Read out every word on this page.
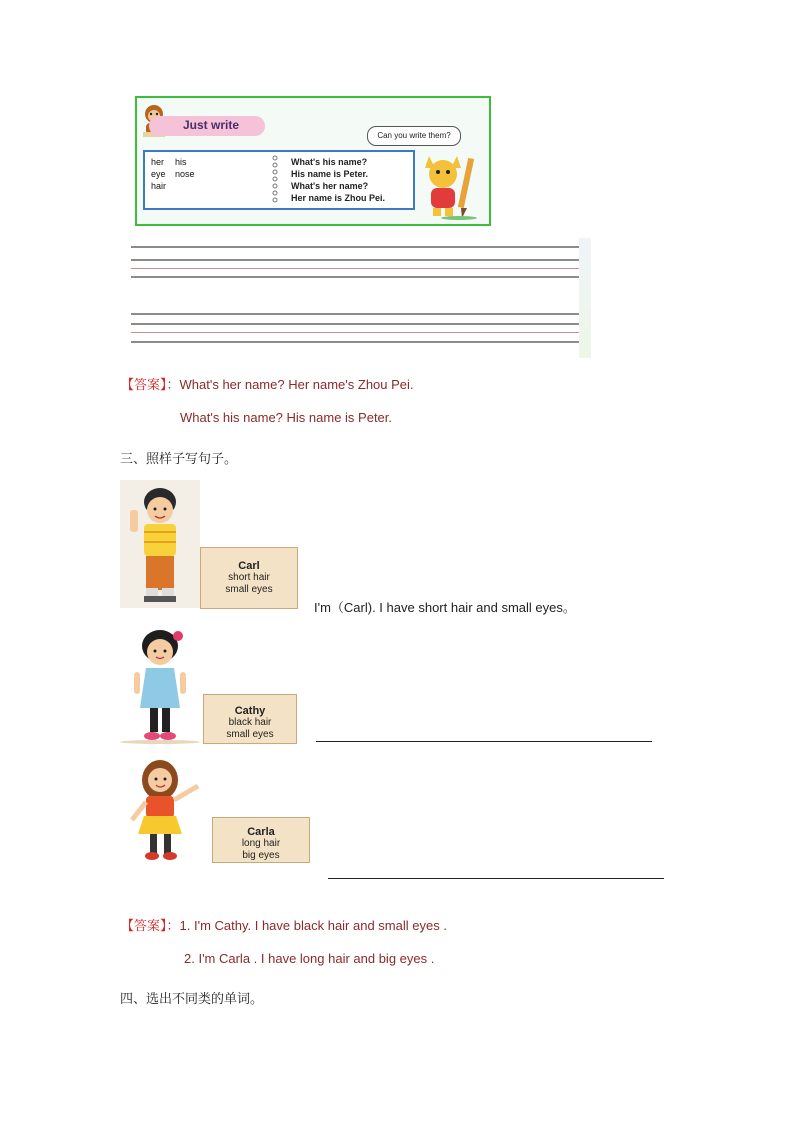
Just write
Can you write them?
her his
eye nose
hair
What's his name?
His name is Peter.
What's her name?
Her name is Zhou Pei.
【答案】：What's her name? Her name's Zhou Pei.
What's his name? His name is Peter.
三、照样子写句子。
Carl
short hair
small eyes
I'm（Carl). I have short hair and small eyes。
Cathy
black hair
small eyes
Carla
long hair
big eyes
【答案】：1. I'm Cathy. I have black hair and small eyes .
2. I'm Carla . I have long hair and big eyes .
四、选出不同类的单词。
